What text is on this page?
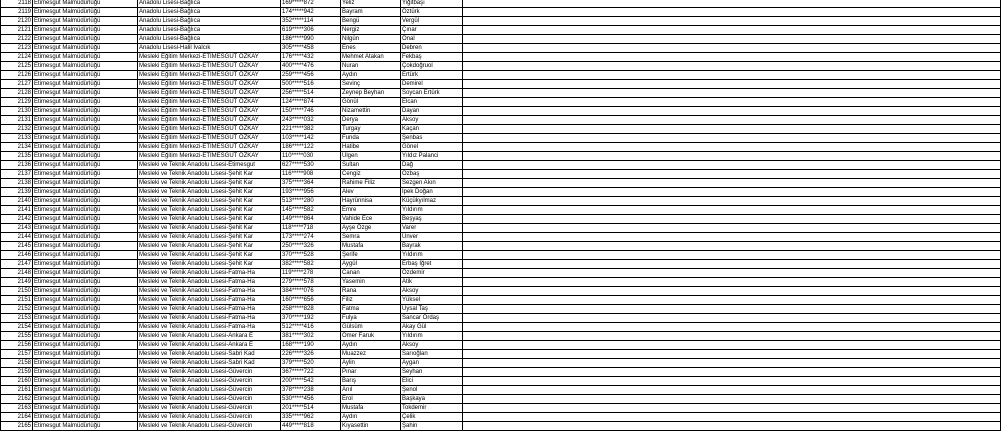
2118	Etimesgut Malmüdürlüğü	Anadolu Lisesi-Bağlıca	169*****872	Yeliz	Yiğitbaşı	
2119	Etimesgut Malmüdürlüğü	Anadolu Lisesi-Bağlıca	174*****942	Bayram	Öztürk	
2120	Etimesgut Malmüdürlüğü	Anadolu Lisesi-Bağlıca	352*****114	Bengü	Vergül	
2121	Etimesgut Malmüdürlüğü	Anadolu Lisesi-Bağlıca	619*****306	Nergiz	Çınar	
2122	Etimesgut Malmüdürlüğü	Anadolu Lisesi-Bağlıca	186*****990	Nilgün	Önal	
2123	Etimesgut Malmüdürlüğü	Anadolu Lisesi-Halil İvalcık	305*****458	Enes	Debren	
2124	Etimesgut Malmüdürlüğü	Mesleki Eğitim Merkezi-ETİMESGUT ÖZKAY	176*****432	Mehmet Atakan	Fekbaş	
2125	Etimesgut Malmüdürlüğü	Mesleki Eğitim Merkezi-ETİMESGUT ÖZKAY	400*****476	Nuran	Çokdoğruol	
2126	Etimesgut Malmüdürlüğü	Mesleki Eğitim Merkezi-ETİMESGUT ÖZKAY	259*****456	Aydın	Ertürk	
2127	Etimesgut Malmüdürlüğü	Mesleki Eğitim Merkezi-ETİMESGUT ÖZKAY	500*****516	Sevinç	Demirel	
2128	Etimesgut Malmüdürlüğü	Mesleki Eğitim Merkezi-ETİMESGUT ÖZKAY	256*****514	Zeynep Beyhan	Soycan Ertürk	
2129	Etimesgut Malmüdürlüğü	Mesleki Eğitim Merkezi-ETİMESGUT ÖZKAY	124*****874	Gönül	Elcan	
2130	Etimesgut Malmüdürlüğü	Mesleki Eğitim Merkezi-ETİMESGUT ÖZKAY	150*****746	Nizamettin	Dayan	
2131	Etimesgut Malmüdürlüğü	Mesleki Eğitim Merkezi-ETİMESGUT ÖZKAY	243*****032	Derya	Aksoy	
2132	Etimesgut Malmüdürlüğü	Mesleki Eğitim Merkezi-ETİMESGUT ÖZKAY	221*****382	Turgay	Kaçan	
2133	Etimesgut Malmüdürlüğü	Mesleki Eğitim Merkezi-ETİMESGUT ÖZKAY	103*****142	Funda	Şenbas	
2134	Etimesgut Malmüdürlüğü	Mesleki Eğitim Merkezi-ETİMESGUT ÖZKAY	186*****122	Hatibe	Gönel	
2135	Etimesgut Malmüdürlüğü	Mesleki Eğitim Merkezi-ETİMESGUT ÖZKAY	110*****030	Ülgen	Yıldız Palanci	
2136	Etimesgut Malmüdürlüğü	Mesleki ve Teknik Anadolu Lisesi-Etimesgut	627*****530	Sultan	Dağ	
2137	Etimesgut Malmüdürlüğü	Mesleki ve Teknik Anadolu Lisesi-Şehit Kar	116*****908	Cengiz	Özbaş	
2138	Etimesgut Malmüdürlüğü	Mesleki ve Teknik Anadolu Lisesi-Şehit Kar	375*****364	Rahime Filiz	Sezgen Akın	
2139	Etimesgut Malmüdürlüğü	Mesleki ve Teknik Anadolu Lisesi-Şehit Kar	193*****956	Alev	İpek Doğan	
2140	Etimesgut Malmüdürlüğü	Mesleki ve Teknik Anadolu Lisesi-Şehit Kar	513*****280	Hayrünnisa	Küçükyılmaz	
2141	Etimesgut Malmüdürlüğü	Mesleki ve Teknik Anadolu Lisesi-Şehit Kar	145*****582	Emre	Yıldırım	
2142	Etimesgut Malmüdürlüğü	Mesleki ve Teknik Anadolu Lisesi-Şehit Kar	149*****864	Vahide Ece	Beşyaş	
2143	Etimesgut Malmüdürlüğü	Mesleki ve Teknik Anadolu Lisesi-Şehit Kar	118*****718	Ayşe Özge	Varer	
2144	Etimesgut Malmüdürlüğü	Mesleki ve Teknik Anadolu Lisesi-Şehit Kar	173*****274	Semra	Ünver	
2145	Etimesgut Malmüdürlüğü	Mesleki ve Teknik Anadolu Lisesi-Şehit Kar	250*****326	Mustafa	Bayrak	
2146	Etimesgut Malmüdürlüğü	Mesleki ve Teknik Anadolu Lisesi-Şehit Kar	370*****528	Şerife	Yıldırım	
2147	Etimesgut Malmüdürlüğü	Mesleki ve Teknik Anadolu Lisesi-Şehit Kar	382*****582	Aygül	Erbaş İğret	
2148	Etimesgut Malmüdürlüğü	Mesleki ve Teknik Anadolu Lisesi-Fatma-Ha	119*****278	Canan	Özdemir	
2149	Etimesgut Malmüdürlüğü	Mesleki ve Teknik Anadolu Lisesi-Fatma-Ha	279*****578	Yasemin	Atik	
2150	Etimesgut Malmüdürlüğü	Mesleki ve Teknik Anadolu Lisesi-Fatma-Ha	384*****076	Rana	Aksoy	
2151	Etimesgut Malmüdürlüğü	Mesleki ve Teknik Anadolu Lisesi-Fatma-Ha	160*****656	Filiz	Yüksel	
2152	Etimesgut Malmüdürlüğü	Mesleki ve Teknik Anadolu Lisesi-Fatma-Ha	258*****828	Fatma	Uysal Taş	
2153	Etimesgut Malmüdürlüğü	Mesleki ve Teknik Anadolu Lisesi-Fatma-Ha	370*****192	Fulya	Sancar Ördaş	
2154	Etimesgut Malmüdürlüğü	Mesleki ve Teknik Anadolu Lisesi-Fatma-Ha	512*****416	Gülsüm	Akay Gül	
2155	Etimesgut Malmüdürlüğü	Mesleki ve Teknik Anadolu Lisesi-Ankara E	381*****302	Ömer Faruk	Yıldırım	
2156	Etimesgut Malmüdürlüğü	Mesleki ve Teknik Anadolu Lisesi-Ankara E	168*****190	Aydın	Aksoy	
2157	Etimesgut Malmüdürlüğü	Mesleki ve Teknik Anadolu Lisesi-Sabri Kad	226*****326	Muazzez	Sarıoğlan	
2158	Etimesgut Malmüdürlüğü	Mesleki ve Teknik Anadolu Lisesi-Sabri Kad	379*****520	Aylin	Aygan	
2159	Etimesgut Malmüdürlüğü	Mesleki ve Teknik Anadolu Lisesi-Güvercin	367*****722	Pınar	Seyhan	
2160	Etimesgut Malmüdürlüğü	Mesleki ve Teknik Anadolu Lisesi-Güvercin	200*****542	Barış	Elici	
2161	Etimesgut Malmüdürlüğü	Mesleki ve Teknik Anadolu Lisesi-Güvercin	378*****238	Anıl	Şenol	
2162	Etimesgut Malmüdürlüğü	Mesleki ve Teknik Anadolu Lisesi-Güvercin	530*****456	Erol	Başkaya	
2163	Etimesgut Malmüdürlüğü	Mesleki ve Teknik Anadolu Lisesi-Güvercin	201*****514	Mustafa	Tokdemir	
2164	Etimesgut Malmüdürlüğü	Mesleki ve Teknik Anadolu Lisesi-Güvercin	335*****962	Aydın	Çelik	
2165	Etimesgut Malmüdürlüğü	Mesleki ve Teknik Anadolu Lisesi-Güvercin	449*****818	Kıyasettin	Şahin	
